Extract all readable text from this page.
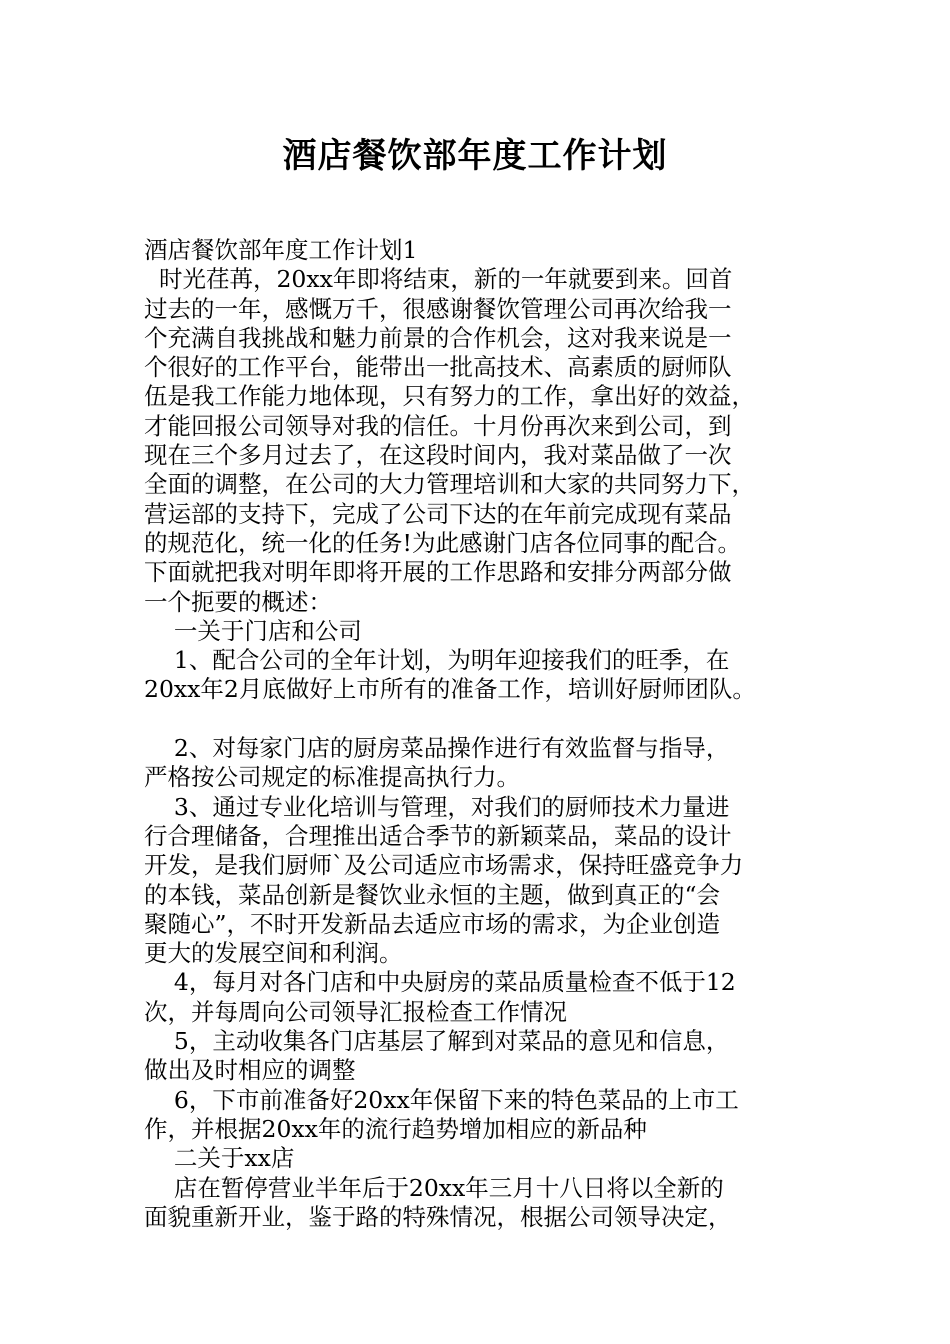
酒店餐饮部年度工作计划

酒店餐饮部年度工作计划1

时光荏苒，20xx年即将结束，新的一年就要到来。回首

过去的一年，感慨万千，很感谢餐饮管理公司再次给我一

个充满自我挑战和魅力前景的合作机会，这对我来说是一

个很好的工作平台，能带出一批高技术、高素质的厨师队

伍是我工作能力地体现，只有努力的工作，拿出好的效益，

才能回报公司领导对我的信任。十月份再次来到公司，到

现在三个多月过去了，在这段时间内，我对菜品做了一次

全面的调整，在公司的大力管理培训和大家的共同努力下，

营运部的支持下，完成了公司下达的在年前完成现有菜品

的规范化，统一化的任务!为此感谢门店各位同事的配合。

下面就把我对明年即将开展的工作思路和安排分两部分做

一个扼要的概述：

一关于门店和公司

1、配合公司的全年计划，为明年迎接我们的旺季，在

20xx年2月底做好上市所有的准备工作，培训好厨师团队。

2、对每家门店的厨房菜品操作进行有效监督与指导，

严格按公司规定的标准提高执行力。

3、通过专业化培训与管理，对我们的厨师技术力量进

行合理储备，合理推出适合季节的新颖菜品，菜品的设计

开发，是我们厨师`及公司适应市场需求，保持旺盛竞争力

的本钱，菜品创新是餐饮业永恒的主题，做到真正的“会

聚随心”，不时开发新品去适应市场的需求，为企业创造

更大的发展空间和利润。

4，每月对各门店和中央厨房的菜品质量检查不低于12

次，并每周向公司领导汇报检查工作情况

5，主动收集各门店基层了解到对菜品的意见和信息，

做出及时相应的调整

6，下市前准备好20xx年保留下来的特色菜品的上市工

作，并根据20xx年的流行趋势增加相应的新品种

二关于xx店

店在暂停营业半年后于20xx年三月十八日将以全新的

面貌重新开业，鉴于路的特殊情况，根据公司领导决定，
